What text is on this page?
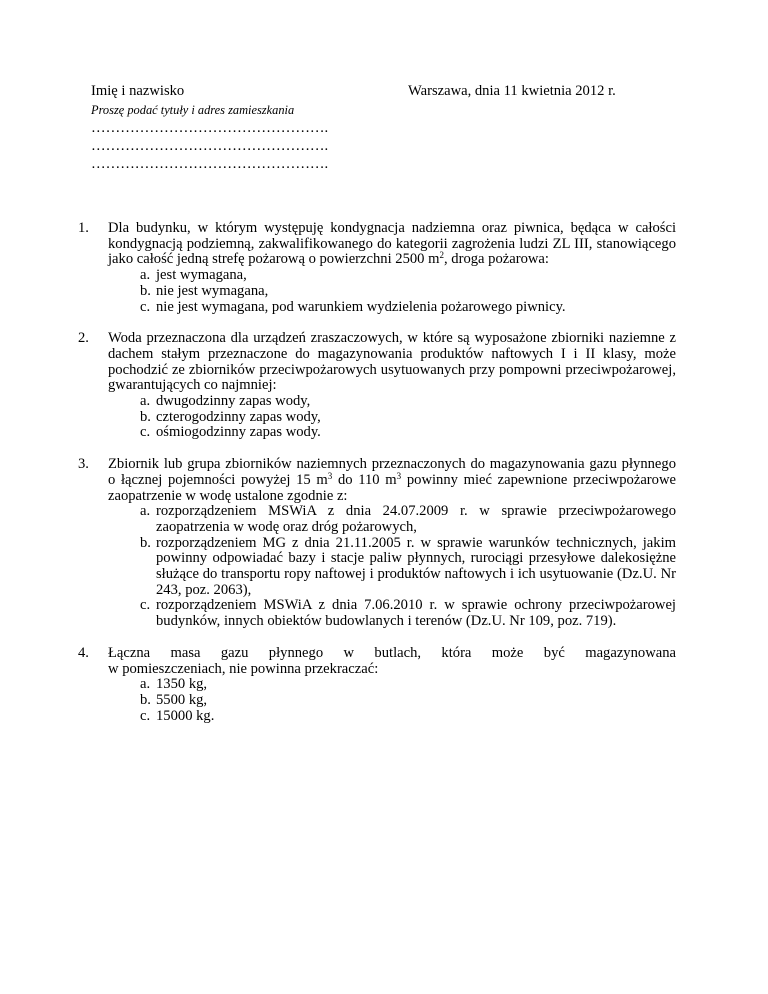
Imię i nazwisko
Proszę podać tytuły i adres zamieszkania
………………………………………….
………………………………………….
………………………………………….
Warszawa, dnia 11 kwietnia 2012 r.
1. Dla budynku, w którym występuję kondygnacja nadziemna oraz piwnica, będąca w całości kondygnacją podziemną, zakwalifikowanego do kategorii zagrożenia ludzi ZL III, stanowiącego jako całość jedną strefę pożarową o powierzchni 2500 $m^2$, droga pożarowa:
a. jest wymagana,
b. nie jest wymagana,
c. nie jest wymagana, pod warunkiem wydzielenia pożarowego piwnicy.
2. Woda przeznaczona dla urządzeń zraszaczowych, w które są wyposażone zbiorniki naziemne z dachem stałym przeznaczone do magazynowania produktów naftowych I i II klasy, może pochodzić ze zbiorników przeciwpożarowych usytuowanych przy pompowni przeciwpożarowej, gwarantujących co najmniej:
a. dwugodzinny zapas wody,
b. czterogodzinny zapas wody,
c. ośmiogodzinny zapas wody.
3. Zbiornik lub grupa zbiorników naziemnych przeznaczonych do magazynowania gazu płynnego o łącznej pojemności powyżej 15 $m^3$ do 110 $m^3$ powinny mieć zapewnione przeciwpożarowe zaopatrzenie w wodę ustalone zgodnie z:
a. rozporządzeniem MSWiA z dnia 24.07.2009 r. w sprawie przeciwpożarowego zaopatrzenia w wodę oraz dróg pożarowych,
b. rozporządzeniem MG z dnia 21.11.2005 r. w sprawie warunków technicznych, jakim powinny odpowiadać bazy i stacje paliw płynnych, rurociągi przesyłowe dalekosiężne służące do transportu ropy naftowej i produktów naftowych i ich usytuowanie (Dz.U. Nr 243, poz. 2063),
c. rozporządzeniem MSWiA z dnia 7.06.2010 r. w sprawie ochrony przeciwpożarowej budynków, innych obiektów budowlanych i terenów (Dz.U. Nr 109, poz. 719).
4. Łączna masa gazu płynnego w butlach, która może być magazynowana
w pomieszczeniach, nie powinna przekraczać:
a. 1350 kg,
b. 5500 kg,
c. 15000 kg.
